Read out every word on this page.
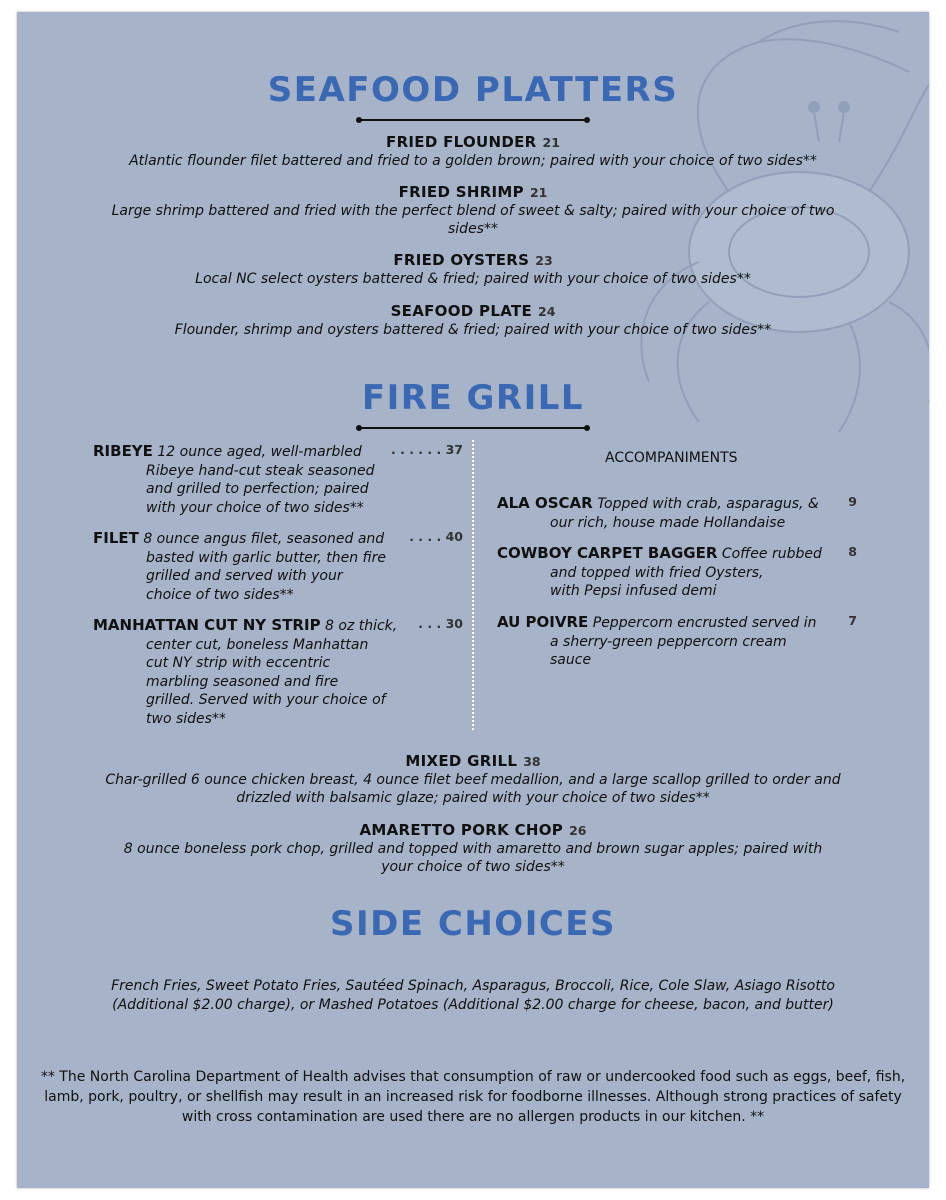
SEAFOOD PLATTERS
FRIED FLOUNDER 21
Atlantic flounder filet battered and fried to a golden brown; paired with your choice of two sides**
FRIED SHRIMP 21
Large shrimp battered and fried with the perfect blend of sweet & salty; paired with your choice of two sides**
FRIED OYSTERS 23
Local NC select oysters battered & fried; paired with your choice of two sides**
SEAFOOD PLATE 24
Flounder, shrimp and oysters battered & fried; paired with your choice of two sides**
FIRE GRILL
RIBEYE 12 ounce aged, well-marbled	. . . . . . 37
Ribeye hand-cut steak seasoned
and grilled to perfection; paired
with your choice of two sides**
FILET 8 ounce angus filet, seasoned and	. . . . 40
basted with garlic butter, then fire
grilled and served with your
choice of two sides**
MANHATTAN CUT NY STRIP 8 oz thick,	. . . 30
center cut, boneless Manhattan
cut NY strip with eccentric
marbling seasoned and fire
grilled. Served with your choice of
two sides**
ACCOMPANIMENTS
ALA OSCAR Topped with crab, asparagus, &	9
our rich, house made Hollandaise
COWBOY CARPET BAGGER Coffee rubbed	8
and topped with fried Oysters,
with Pepsi infused demi
AU POIVRE Peppercorn encrusted served in	7
a sherry-green peppercorn cream
sauce
MIXED GRILL 38
Char-grilled 6 ounce chicken breast, 4 ounce filet beef medallion, and a large scallop grilled to order and drizzled with balsamic glaze; paired with your choice of two sides**
AMARETTO PORK CHOP 26
8 ounce boneless pork chop, grilled and topped with amaretto and brown sugar apples; paired with your choice of two sides**
SIDE CHOICES
French Fries, Sweet Potato Fries, Sautéed Spinach, Asparagus, Broccoli, Rice, Cole Slaw, Asiago Risotto (Additional $2.00 charge), or Mashed Potatoes (Additional $2.00 charge for cheese, bacon, and butter)
** The North Carolina Department of Health advises that consumption of raw or undercooked food such as eggs, beef, fish, lamb, pork, poultry, or shellfish may result in an increased risk for foodborne illnesses. Although strong practices of safety with cross contamination are used there are no allergen products in our kitchen. **
